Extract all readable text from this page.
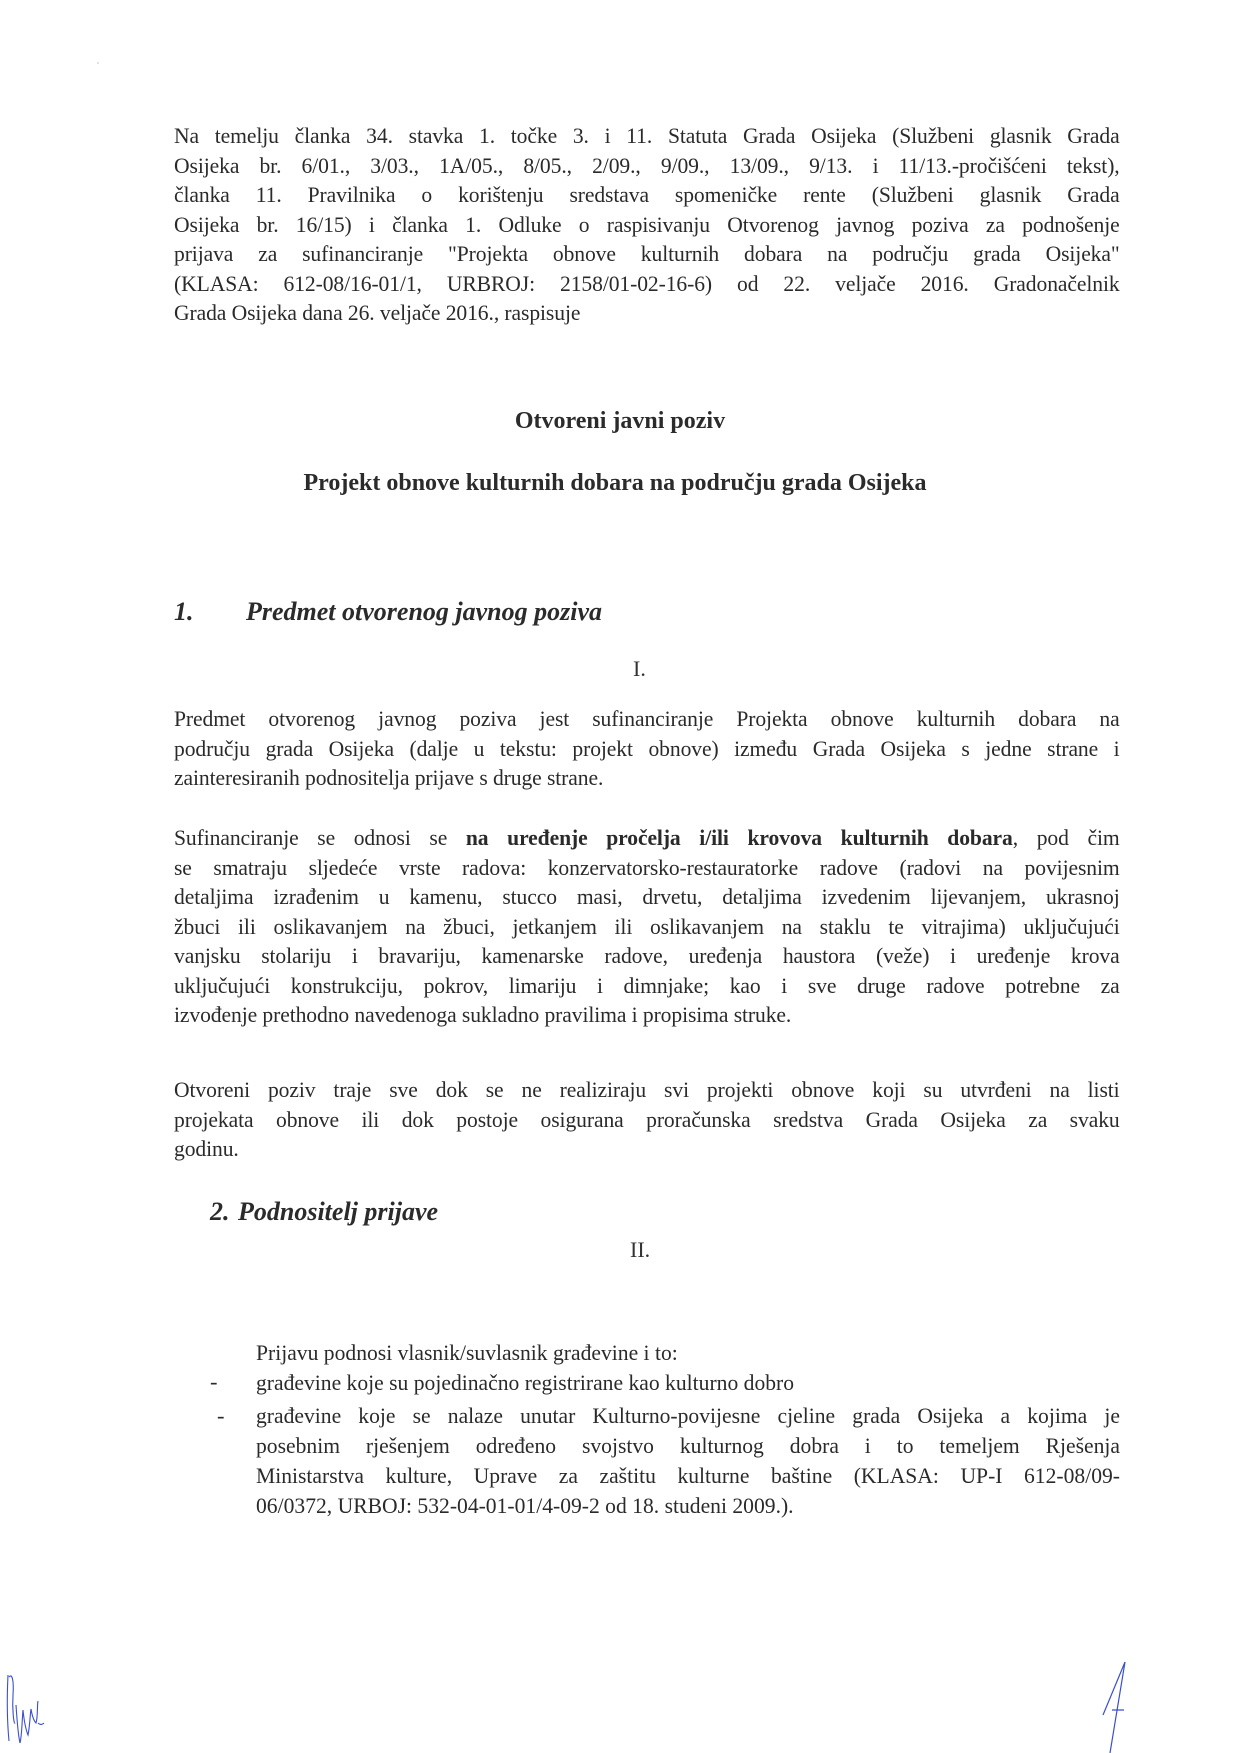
Na temelju članka 34. stavka 1. točke 3. i 11. Statuta Grada Osijeka (Službeni glasnik Grada
Osijeka br. 6/01., 3/03., 1A/05., 8/05., 2/09., 9/09., 13/09., 9/13. i 11/13.-pročišćeni tekst),
članka 11. Pravilnika o korištenju sredstava spomeničke rente (Službeni glasnik Grada
Osijeka br. 16/15) i članka 1. Odluke o raspisivanju Otvorenog javnog poziva za podnošenje
prijava za sufinanciranje "Projekta obnove kulturnih dobara na području grada Osijeka"
(KLASA: 612-08/16-01/1, URBROJ: 2158/01-02-16-6) od 22. veljače 2016. Gradonačelnik
Grada Osijeka dana 26. veljače 2016., raspisuje
Otvoreni javni poziv
Projekt obnove kulturnih dobara na području grada Osijeka
1. Predmet otvorenog javnog poziva
I.
Predmet otvorenog javnog poziva jest sufinanciranje Projekta obnove kulturnih dobara na
području grada Osijeka (dalje u tekstu: projekt obnove) između Grada Osijeka s jedne strane i
zainteresiranih podnositelja prijave s druge strane.
Sufinanciranje se odnosi se na uređenje pročelja i/ili krovova kulturnih dobara, pod čim
se smatraju sljedeće vrste radova: konzervatorsko-restauratorke radove (radovi na povijesnim
detaljima izrađenim u kamenu, stucco masi, drvetu, detaljima izvedenim lijevanjem, ukrasnoj
žbuci ili oslikavanjem na žbuci, jetkanjem ili oslikavanjem na staklu te vitrajima) uključujući
vanjsku stolariju i bravariju, kamenarske radove, uređenja haustora (veže) i uređenje krova
uključujući konstrukciju, pokrov, limariju i dimnjake; kao i sve druge radove potrebne za
izvođenje prethodno navedenoga sukladno pravilima i propisima struke.
Otvoreni poziv traje sve dok se ne realiziraju svi projekti obnove koji su utvrđeni na listi
projekata obnove ili dok postoje osigurana proračunska sredstva Grada Osijeka za svaku
godinu.
2. Podnositelj prijave
II.
Prijavu podnosi vlasnik/suvlasnik građevine i to:
- građevine koje su pojedinačno registrirane kao kulturno dobro
- građevine koje se nalaze unutar Kulturno-povijesne cjeline grada Osijeka a kojima je
posebnim rješenjem određeno svojstvo kulturnog dobra i to temeljem Rješenja
Ministarstva kulture, Uprave za zaštitu kulturne baštine (KLASA: UP-I 612-08/09-
06/0372, URBOJ: 532-04-01-01/4-09-2 od 18. studeni 2009.).
